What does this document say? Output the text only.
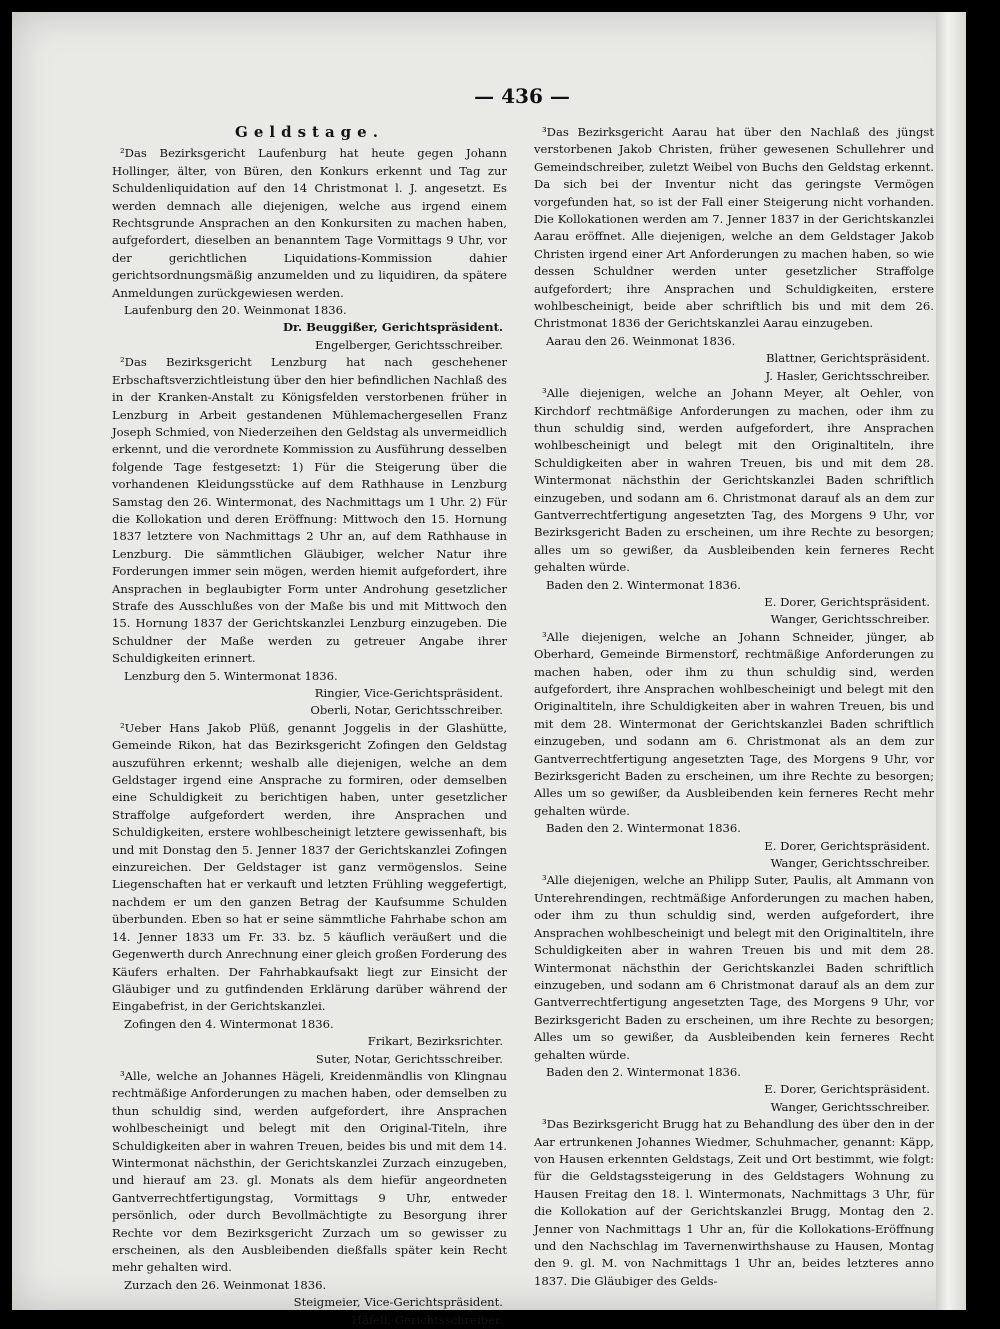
— 436 —
Geldstage.
²Das Bezirksgericht Laufenburg hat heute gegen Johann Hollinger, älter, von Büren, den Konkurs erkennt und Tag zur Schuldenliquidation auf den 14 Christmonat l. J. angesetzt. Es werden demnach alle diejenigen, welche aus irgend einem Rechtsgrunde Ansprachen an den Konkursiten zu machen haben, aufgefordert, dieselben an benanntem Tage Vormittags 9 Uhr, vor der gerichtlichen Liquidations-Kommission dahier gerichtsordnungsmäßig anzumelden und zu liquidiren, da spätere Anmeldungen zurückgewiesen werden.
Laufenburg den 20. Weinmonat 1836.
Dr. Beuggißer, Gerichtspräsident.
Engelberger, Gerichtsschreiber.
²Das Bezirksgericht Lenzburg hat nach geschehener Erbschaftsverzichtleistung über den hier befindlichen Nachlaß des in der Kranken-Anstalt zu Königsfelden verstorbenen früher in Lenzburg in Arbeit gestandenen Mühlemachergesellen Franz Joseph Schmied, von Niederzeihen den Geldstag als unvermeidlich erkennt, und die verordnete Kommission zu Ausführung desselben folgende Tage festgesetzt: 1) Für die Steigerung über die vorhandenen Kleidungsstücke auf dem Rathhause in Lenzburg Samstag den 26. Wintermonat, des Nachmittags um 1 Uhr. 2) Für die Kollokation und deren Eröffnung: Mittwoch den 15. Hornung 1837 letztere von Nachmittags 2 Uhr an, auf dem Rathhause in Lenzburg. Die sämmtlichen Gläubiger, welcher Natur ihre Forderungen immer sein mögen, werden hiemit aufgefordert, ihre Ansprachen in beglaubigter Form unter Androhung gesetzlicher Strafe des Ausschlußes von der Maße bis und mit Mittwoch den 15. Hornung 1837 der Gerichtskanzlei Lenzburg einzugeben. Die Schuldner der Maße werden zu getreuer Angabe ihrer Schuldigkeiten erinnert.
Lenzburg den 5. Wintermonat 1836.
Ringier, Vice-Gerichtspräsident.
Oberli, Notar, Gerichtsschreiber.
²Ueber Hans Jakob Plüß, genannt Joggelis in der Glashütte, Gemeinde Rikon, hat das Bezirksgericht Zofingen den Geldstag auszuführen erkennt; weshalb alle diejenigen, welche an dem Geldstager irgend eine Ansprache zu formiren, oder demselben eine Schuldigkeit zu berichtigen haben, unter gesetzlicher Straffolge aufgefordert werden, ihre Ansprachen und Schuldigkeiten, erstere wohlbescheinigt letztere gewissenhaft, bis und mit Donstag den 5. Jenner 1837 der Gerichtskanzlei Zofingen einzureichen. Der Geldstager ist ganz vermögenslos. Seine Liegenschaften hat er verkauft und letzten Frühling weggefertigt, nachdem er um den ganzen Betrag der Kaufsumme Schulden überbunden. Eben so hat er seine sämmtliche Fahrhabe schon am 14. Jenner 1833 um Fr. 33. bz. 5 käuflich veräußert und die Gegenwerth durch Anrechnung einer gleich großen Forderung des Käufers erhalten. Der Fahrhabkaufsakt liegt zur Einsicht der Gläubiger und zu gutfindenden Erklärung darüber während der Eingabefrist, in der Gerichtskanzlei.
Zofingen den 4. Wintermonat 1836.
Frikart, Bezirksrichter.
Suter, Notar, Gerichtsschreiber.
³Alle, welche an Johannes Hägeli, Kreidenmändlis von Klingnau rechtmäßige Anforderungen zu machen haben, oder demselben zu thun schuldig sind, werden aufgefordert, ihre Ansprachen wohlbescheinigt und belegt mit den Original-Titeln, ihre Schuldigkeiten aber in wahren Treuen, beides bis und mit dem 14. Wintermonat nächsthin, der Gerichtskanzlei Zurzach einzugeben, und hierauf am 23. gl. Monats als dem hiefür angeordneten Gantverrechtfertigungstag, Vormittags 9 Uhr, entweder persönlich, oder durch Bevollmächtigte zu Besorgung ihrer Rechte vor dem Bezirksgericht Zurzach um so gewisser zu erscheinen, als den Ausbleibenden dießfalls später kein Recht mehr gehalten wird.
Zurzach den 26. Weinmonat 1836.
Steigmeier, Vice-Gerichtspräsident.
Häfeli, Gerichtsschreiber.
³Das Bezirksgericht Aarau hat über den Nachlaß des jüngst verstorbenen Jakob Christen, früher gewesenen Schullehrer und Gemeindschreiber, zuletzt Weibel von Buchs den Geldstag erkennt. Da sich bei der Inventur nicht das geringste Vermögen vorgefunden hat, so ist der Fall einer Steigerung nicht vorhanden. Die Kollokationen werden am 7. Jenner 1837 in der Gerichtskanzlei Aarau eröffnet. Alle diejenigen, welche an dem Geldstager Jakob Christen irgend einer Art Anforderungen zu machen haben, so wie dessen Schuldner werden unter gesetzlicher Straffolge aufgefordert; ihre Ansprachen und Schuldigkeiten, erstere wohlbescheinigt, beide aber schriftlich bis und mit dem 26. Christmonat 1836 der Gerichtskanzlei Aarau einzugeben.
Aarau den 26. Weinmonat 1836.
Blattner, Gerichtspräsident.
J. Hasler, Gerichtsschreiber.
³Alle diejenigen, welche an Johann Meyer, alt Oehler, von Kirchdorf rechtmäßige Anforderungen zu machen, oder ihm zu thun schuldig sind, werden aufgefordert, ihre Ansprachen wohlbescheinigt und belegt mit den Originaltiteln, ihre Schuldigkeiten aber in wahren Treuen, bis und mit dem 28. Wintermonat nächsthin der Gerichtskanzlei Baden schriftlich einzugeben, und sodann am 6. Christmonat darauf als an dem zur Gantverrechtfertigung angesetzten Tag, des Morgens 9 Uhr, vor Bezirksgericht Baden zu erscheinen, um ihre Rechte zu besorgen; alles um so gewißer, da Ausbleibenden kein ferneres Recht gehalten würde.
Baden den 2. Wintermonat 1836.
E. Dorer, Gerichtspräsident.
Wanger, Gerichtsschreiber.
³Alle diejenigen, welche an Johann Schneider, jünger, ab Oberhard, Gemeinde Birmenstorf, rechtmäßige Anforderungen zu machen haben, oder ihm zu thun schuldig sind, werden aufgefordert, ihre Ansprachen wohlbescheinigt und belegt mit den Originaltiteln, ihre Schuldigkeiten aber in wahren Treuen, bis und mit dem 28. Wintermonat der Gerichtskanzlei Baden schriftlich einzugeben, und sodann am 6. Christmonat als an dem zur Gantverrechtfertigung angesetzten Tage, des Morgens 9 Uhr, vor Bezirksgericht Baden zu erscheinen, um ihre Rechte zu besorgen; Alles um so gewißer, da Ausbleibenden kein ferneres Recht mehr gehalten würde.
Baden den 2. Wintermonat 1836.
E. Dorer, Gerichtspräsident.
Wanger, Gerichtsschreiber.
³Alle diejenigen, welche an Philipp Suter, Paulis, alt Ammann von Unterehrendingen, rechtmäßige Anforderungen zu machen haben, oder ihm zu thun schuldig sind, werden aufgefordert, ihre Ansprachen wohlbescheinigt und belegt mit den Originaltiteln, ihre Schuldigkeiten aber in wahren Treuen bis und mit dem 28. Wintermonat nächsthin der Gerichtskanzlei Baden schriftlich einzugeben, und sodann am 6 Christmonat darauf als an dem zur Gantverrechtfertigung angesetzten Tage, des Morgens 9 Uhr, vor Bezirksgericht Baden zu erscheinen, um ihre Rechte zu besorgen; Alles um so gewißer, da Ausbleibenden kein ferneres Recht gehalten würde.
Baden den 2. Wintermonat 1836.
E. Dorer, Gerichtspräsident.
Wanger, Gerichtsschreiber.
³Das Bezirksgericht Brugg hat zu Behandlung des über den in der Aar ertrunkenen Johannes Wiedmer, Schuhmacher, genannt: Käpp, von Hausen erkennten Geldstags, Zeit und Ort bestimmt, wie folgt: für die Geldstagssteigerung in des Geldstagers Wohnung zu Hausen Freitag den 18. l. Wintermonats, Nachmittags 3 Uhr, für die Kollokation auf der Gerichtskanzlei Brugg, Montag den 2. Jenner von Nachmittags 1 Uhr an, für die Kollokations-Eröffnung und den Nachschlag im Tavernenwirthshause zu Hausen, Montag den 9. gl. M. von Nachmittags 1 Uhr an, beides letzteres anno 1837. Die Gläubiger des Gelds-
